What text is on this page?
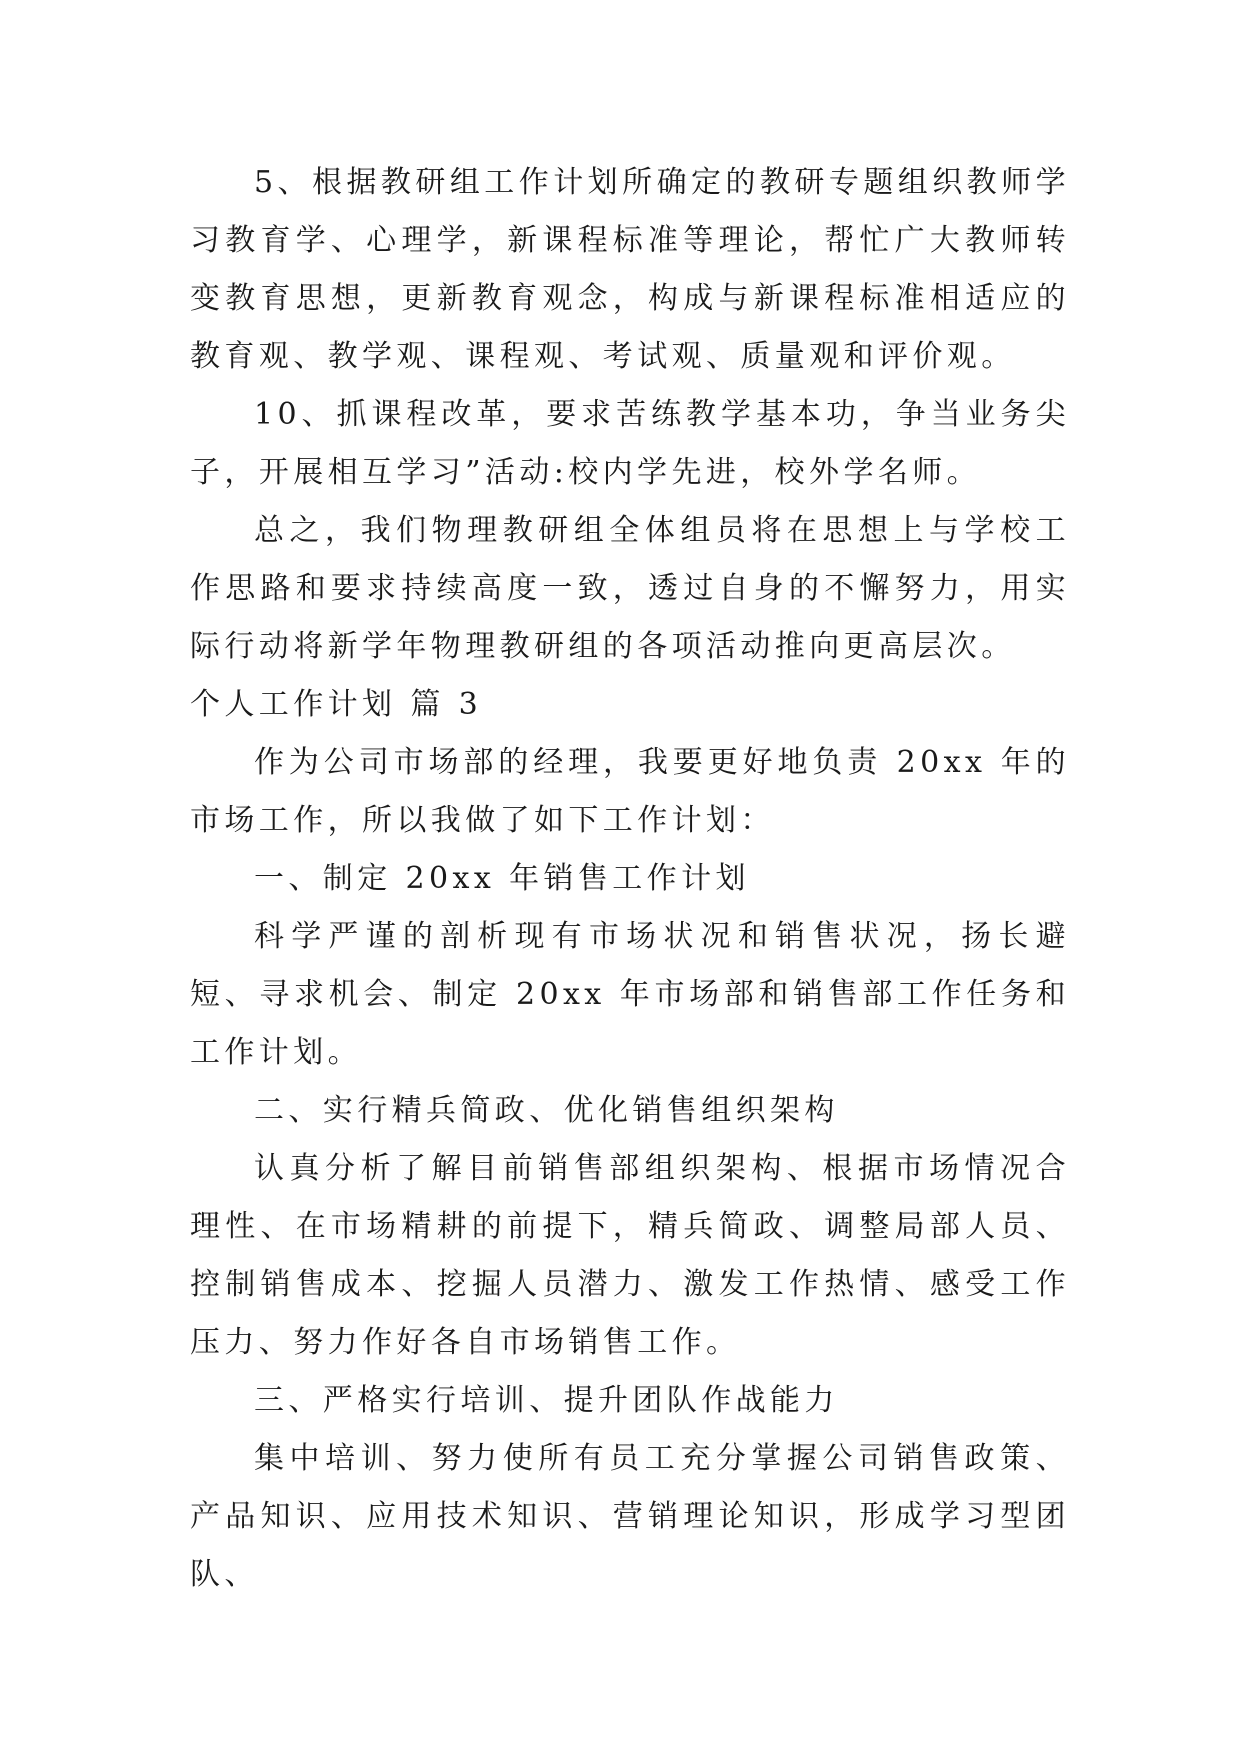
5、根据教研组工作计划所确定的教研专题组织教师学习教育学、心理学，新课程标准等理论，帮忙广大教师转变教育思想，更新教育观念，构成与新课程标准相适应的教育观、教学观、课程观、考试观、质量观和评价观。

10、抓课程改革，要求苦练教学基本功，争当业务尖子，开展相互学习”活动:校内学先进，校外学名师。

总之，我们物理教研组全体组员将在思想上与学校工作思路和要求持续高度一致，透过自身的不懈努力，用实际行动将新学年物理教研组的各项活动推向更高层次。

个人工作计划 篇 3

作为公司市场部的经理，我要更好地负责 20xx 年的市场工作，所以我做了如下工作计划：

一、制定 20xx 年销售工作计划

科学严谨的剖析现有市场状况和销售状况，扬长避短、寻求机会、制定 20xx 年市场部和销售部工作任务和工作计划。

二、实行精兵简政、优化销售组织架构

认真分析了解目前销售部组织架构、根据市场情况合理性、在市场精耕的前提下，精兵简政、调整局部人员、控制销售成本、挖掘人员潜力、激发工作热情、感受工作压力、努力作好各自市场销售工作。

三、严格实行培训、提升团队作战能力

集中培训、努力使所有员工充分掌握公司销售政策、产品知识、应用技术知识、营销理论知识，形成学习型团队、
